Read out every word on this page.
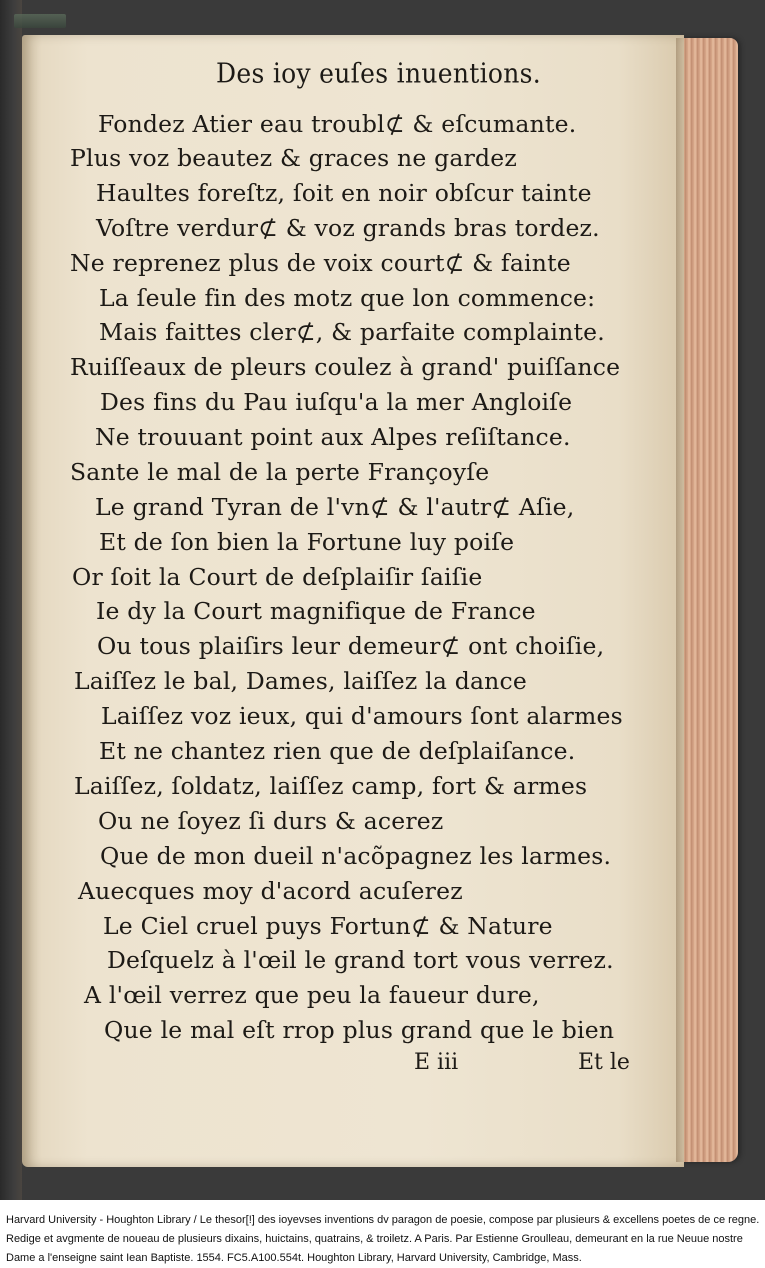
Des ioy euſes inuentions.
Fondez Atier eau troubl⊄ & eſcumante.
Plus voz beautez & graces ne gardez
Haultes foreſtz, ſoit en noir obſcur tainte
Voſtre verdur⊄ & voz grands bras tordez.
Ne reprenez plus de voix court⊄ & fainte
La ſeule fin des motz que lon commence:
Mais faittes cler⊄, & parfaite complainte.
Ruiſſeaux de pleurs coulez à grand' puiſſance
Des fins du Pau iuſqu'a la mer Angloiſe
Ne trouuant point aux Alpes reſiſtance.
Sante le mal de la perte Françoyſe
Le grand Tyran de l'vn⊄ & l'autr⊄ Aſie,
Et de ſon bien la Fortune luy poiſe
Or ſoit la Court de deſplaiſir ſaiſie
Ie dy la Court magnifique de France
Ou tous plaiſirs leur demeur⊄ ont choiſie,
Laiſſez le bal, Dames, laiſſez la dance
Laiſſez voz ieux, qui d'amours ſont alarmes
Et ne chantez rien que de deſplaiſance.
Laiſſez, ſoldatz, laiſſez camp, fort & armes
Ou ne ſoyez ſi durs & acerez
Que de mon dueil n'acõpagnez les larmes.
Auecques moy d'acord acuſerez
Le Ciel cruel puys Fortun⊄ & Nature
Deſquelz à l'œil le grand tort vous verrez.
A l'œil verrez que peu la faueur dure,
Que le mal eſt rrop plus grand que le bien
E iii	Et le
Harvard University - Houghton Library / Le thesor[!] des ioyevses inventions dv paragon de poesie, compose par plusieurs & excellens poetes de ce regne. Redige et avgmente de noueau de plusieurs dixains, huictains, quatrains, & troiletz. A Paris. Par Estienne Groulleau, demeurant en la rue Neuue nostre Dame a l'enseigne saint Iean Baptiste. 1554. FC5.A100.554t. Houghton Library, Harvard University, Cambridge, Mass.
